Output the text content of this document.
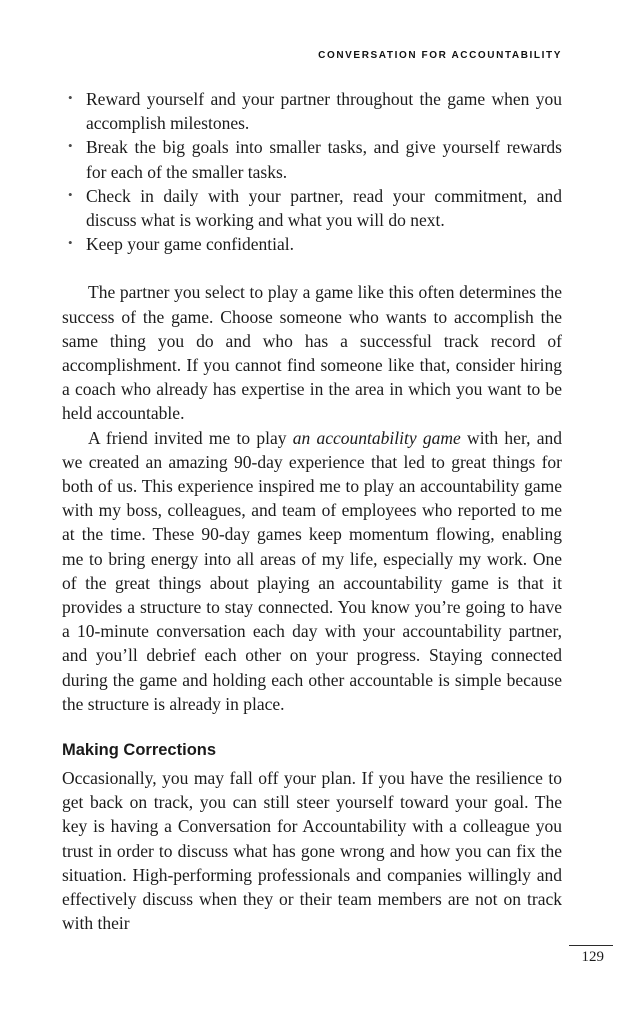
CONVERSATION FOR ACCOUNTABILITY
• Reward yourself and your partner throughout the game when you accomplish milestones.
• Break the big goals into smaller tasks, and give yourself rewards for each of the smaller tasks.
• Check in daily with your partner, read your commitment, and discuss what is working and what you will do next.
• Keep your game confidential.

The partner you select to play a game like this often determines the success of the game. Choose someone who wants to accomplish the same thing you do and who has a successful track record of accomplishment. If you cannot find someone like that, consider hiring a coach who already has expertise in the area in which you want to be held accountable.

A friend invited me to play an accountability game with her, and we created an amazing 90-day experience that led to great things for both of us. This experience inspired me to play an accountability game with my boss, colleagues, and team of employees who reported to me at the time. These 90-day games keep momentum flowing, enabling me to bring energy into all areas of my life, especially my work. One of the great things about playing an accountability game is that it provides a structure to stay connected. You know you’re going to have a 10-minute conversation each day with your accountability partner, and you’ll debrief each other on your progress. Staying connected during the game and holding each other accountable is simple because the structure is already in place.

Making Corrections

Occasionally, you may fall off your plan. If you have the resilience to get back on track, you can still steer yourself toward your goal. The key is having a Conversation for Accountability with a colleague you trust in order to discuss what has gone wrong and how you can fix the situation. High-performing professionals and companies willingly and effectively discuss when they or their team members are not on track with their

129
